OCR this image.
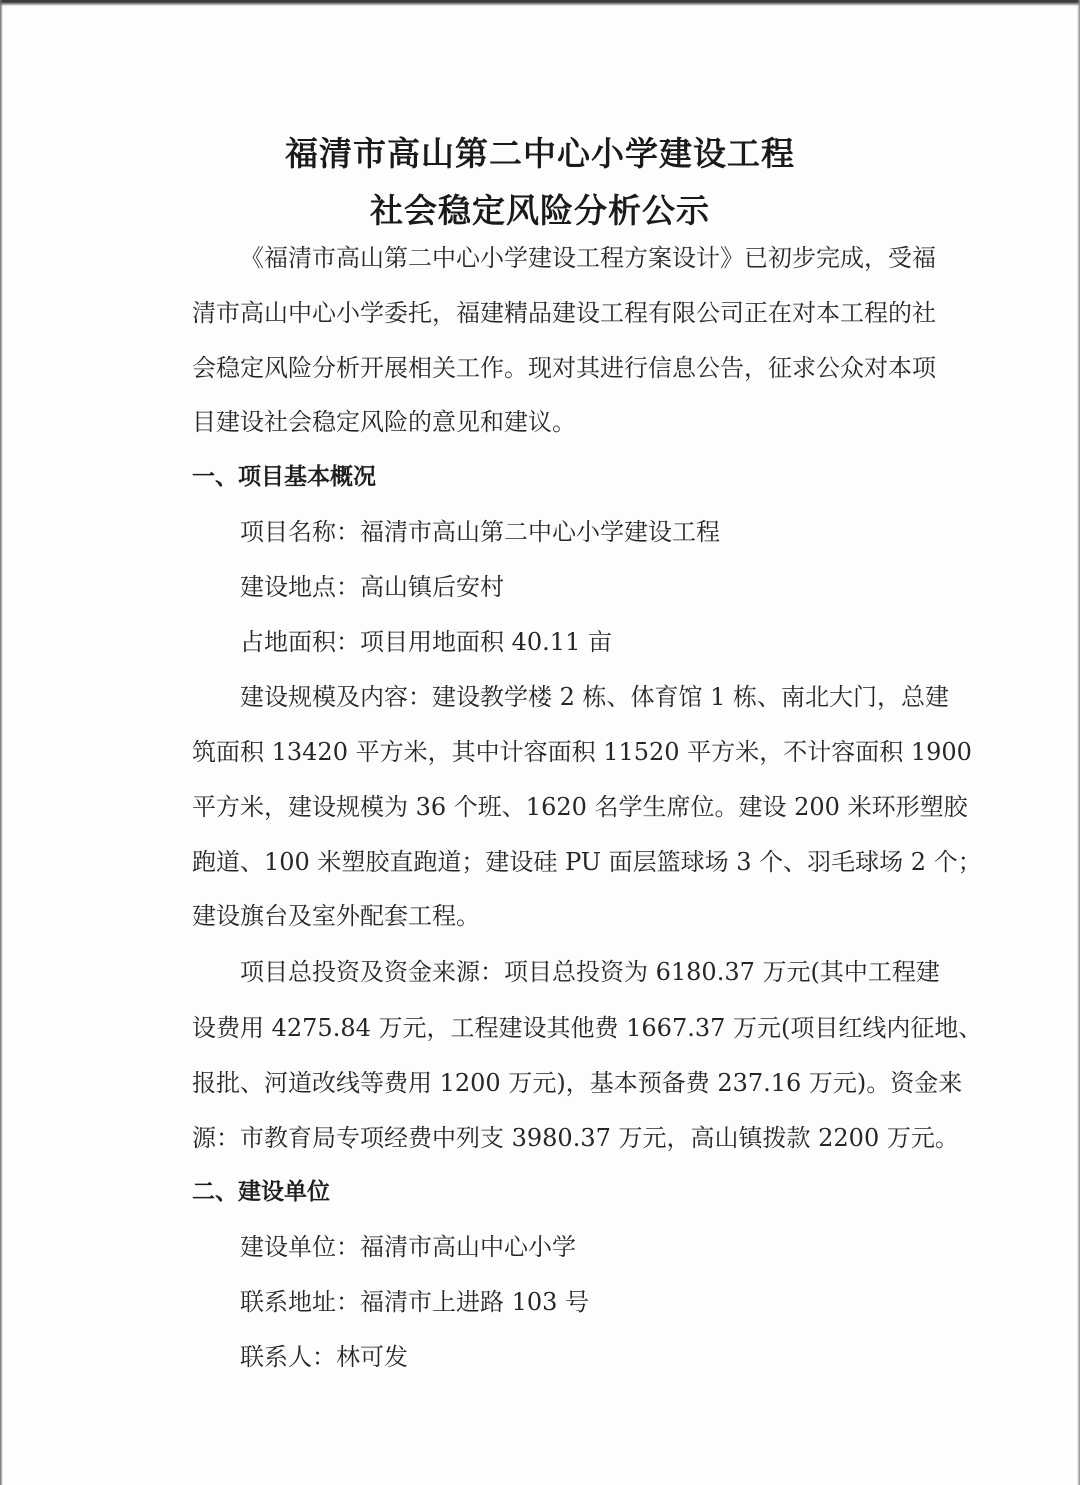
福清市高山第二中心小学建设工程
社会稳定风险分析公示

《福清市高山第二中心小学建设工程方案设计》已初步完成，受福

清市高山中心小学委托，福建精品建设工程有限公司正在对本工程的社

会稳定风险分析开展相关工作。现对其进行信息公告，征求公众对本项

目建设社会稳定风险的意见和建议。

一、项目基本概况

项目名称：福清市高山第二中心小学建设工程

建设地点：高山镇后安村

占地面积：项目用地面积 40.11 亩

建设规模及内容：建设教学楼 2 栋、体育馆 1 栋、南北大门，总建

筑面积 13420 平方米，其中计容面积 11520 平方米，不计容面积 1900

平方米，建设规模为 36 个班、1620 名学生席位。建设 200 米环形塑胶

跑道、100 米塑胶直跑道；建设硅 PU 面层篮球场 3 个、羽毛球场 2 个；

建设旗台及室外配套工程。

项目总投资及资金来源：项目总投资为 6180.37 万元(其中工程建

设费用 4275.84 万元，工程建设其他费 1667.37 万元(项目红线内征地、

报批、河道改线等费用 1200 万元)，基本预备费 237.16 万元)。资金来

源：市教育局专项经费中列支 3980.37 万元，高山镇拨款 2200 万元。

二、建设单位

建设单位：福清市高山中心小学

联系地址：福清市上进路 103 号

联系人：林可发
